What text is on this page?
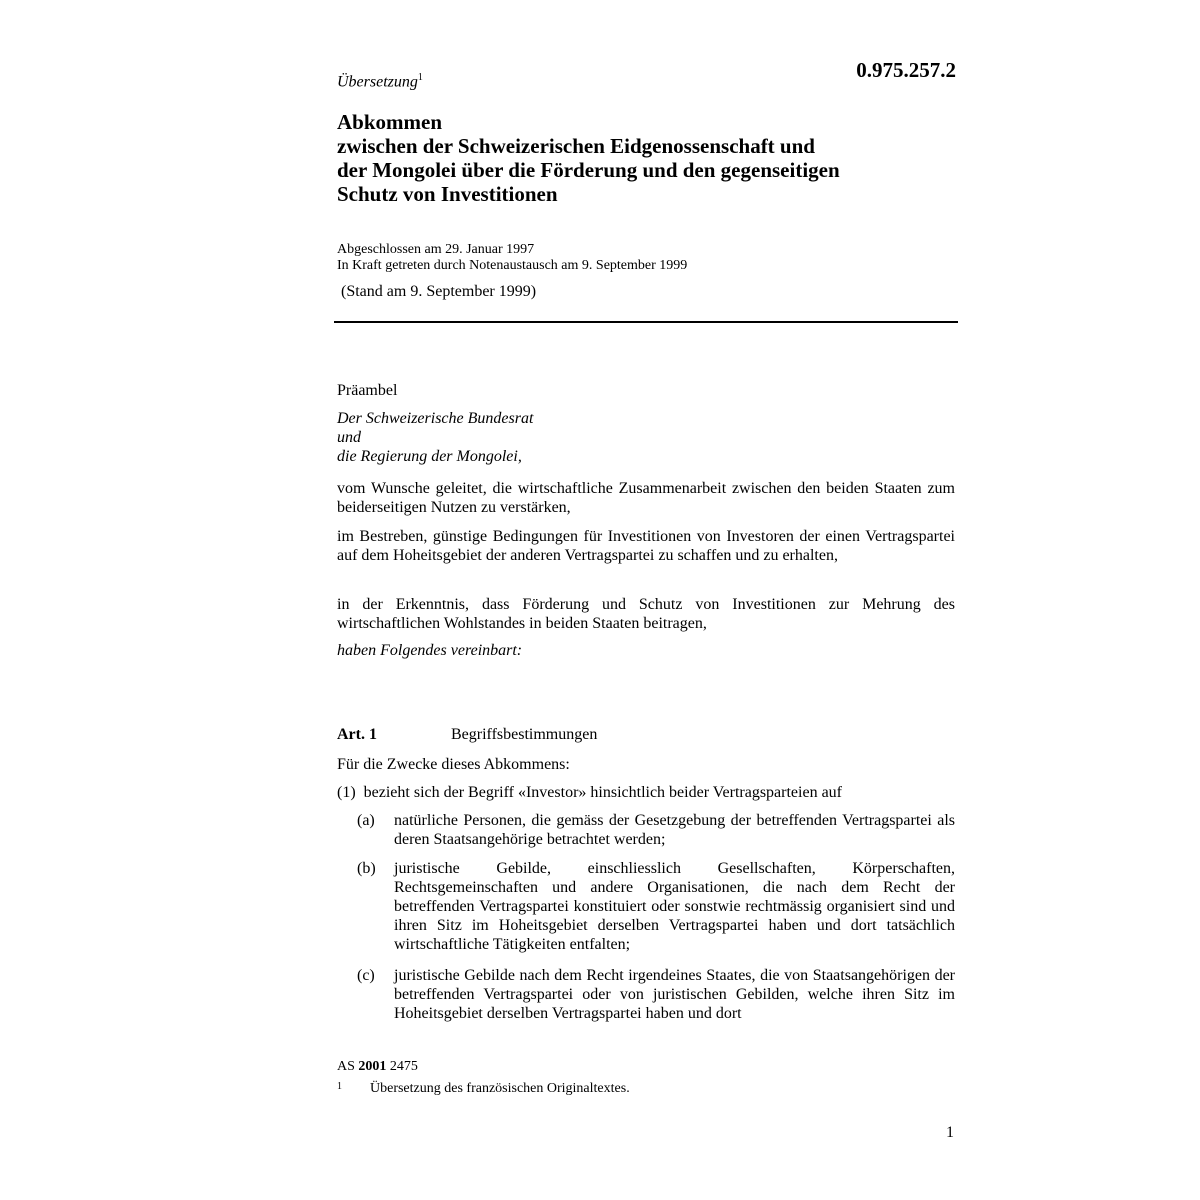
0.975.257.2
Übersetzung$^1$
Abkommen
zwischen der Schweizerischen Eidgenossenschaft und
der Mongolei über die Förderung und den gegenseitigen
Schutz von Investitionen
Abgeschlossen am 29. Januar 1997
In Kraft getreten durch Notenaustausch am 9. September 1999
(Stand am 9. September 1999)
Präambel
Der Schweizerische Bundesrat
und
die Regierung der Mongolei,
vom Wunsche geleitet, die wirtschaftliche Zusammenarbeit zwischen den beiden Staaten zum beiderseitigen Nutzen zu verstärken,
im Bestreben, günstige Bedingungen für Investitionen von Investoren der einen Vertragspartei auf dem Hoheitsgebiet der anderen Vertragspartei zu schaffen und zu erhalten,
in der Erkenntnis, dass Förderung und Schutz von Investitionen zur Mehrung des wirtschaftlichen Wohlstandes in beiden Staaten beitragen,
haben Folgendes vereinbart:
Art. 1	Begriffsbestimmungen
Für die Zwecke dieses Abkommens:
(1)  bezieht sich der Begriff «Investor» hinsichtlich beider Vertragsparteien auf
(a) natürliche Personen, die gemäss der Gesetzgebung der betreffenden Vertragspartei als deren Staatsangehörige betrachtet werden;
(b) juristische Gebilde, einschliesslich Gesellschaften, Körperschaften, Rechtsgemeinschaften und andere Organisationen, die nach dem Recht der betreffenden Vertragspartei konstituiert oder sonstwie rechtmässig organisiert sind und ihren Sitz im Hoheitsgebiet derselben Vertragspartei haben und dort tatsächlich wirtschaftliche Tätigkeiten entfalten;
(c) juristische Gebilde nach dem Recht irgendeines Staates, die von Staatsangehörigen der betreffenden Vertragspartei oder von juristischen Gebilden, welche ihren Sitz im Hoheitsgebiet derselben Vertragspartei haben und dort
AS 2001 2475
1 Übersetzung des französischen Originaltextes.
1
